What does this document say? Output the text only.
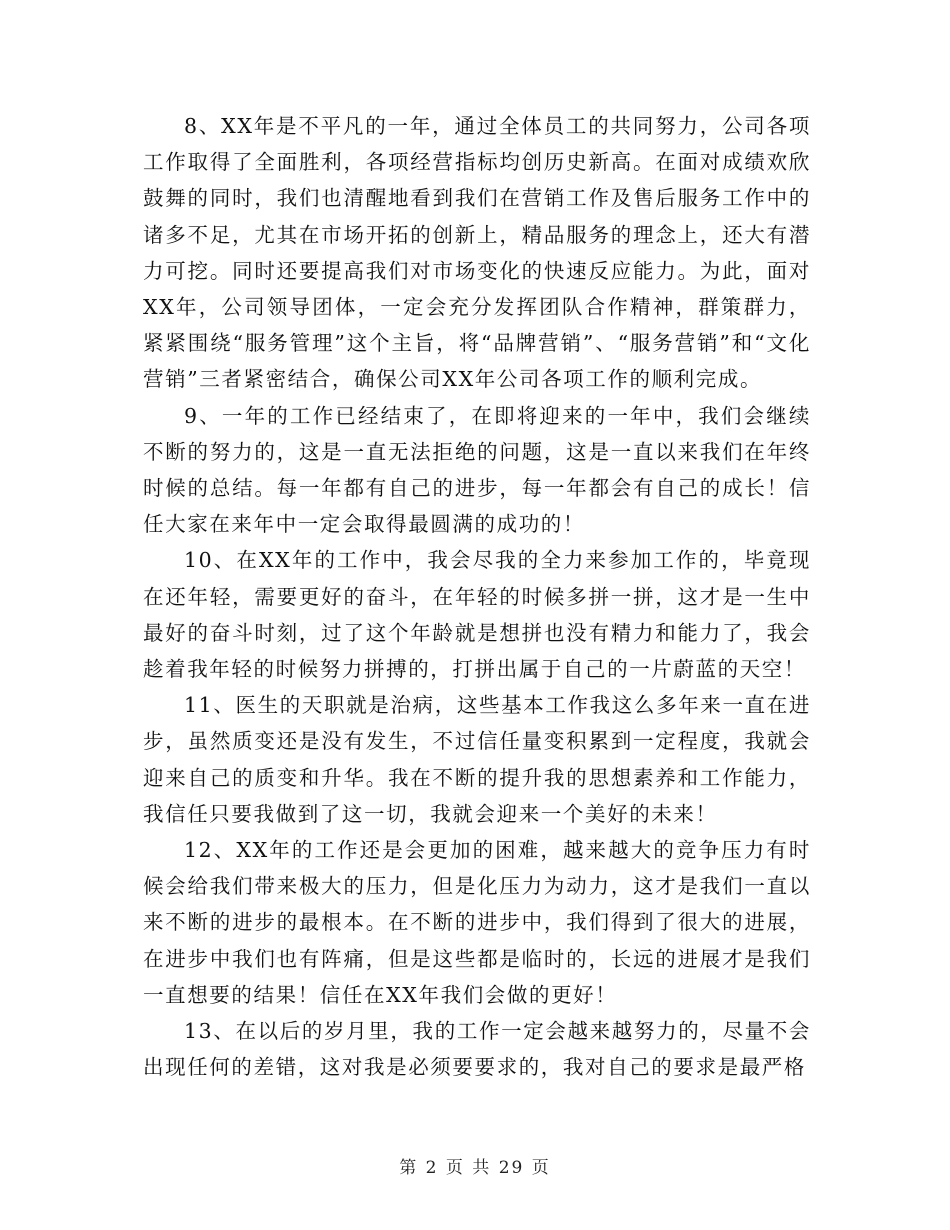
8、XX年是不平凡的一年，通过全体员工的共同努力，公司各项工作取得了全面胜利，各项经营指标均创历史新高。在面对成绩欢欣鼓舞的同时，我们也清醒地看到我们在营销工作及售后服务工作中的诸多不足，尤其在市场开拓的创新上，精品服务的理念上，还大有潜力可挖。同时还要提高我们对市场变化的快速反应能力。为此，面对XX年，公司领导团体，一定会充分发挥团队合作精神，群策群力，紧紧围绕“服务管理”这个主旨，将“品牌营销”、“服务营销”和“文化营销”三者紧密结合，确保公司XX年公司各项工作的顺利完成。

9、一年的工作已经结束了，在即将迎来的一年中，我们会继续不断的努力的，这是一直无法拒绝的问题，这是一直以来我们在年终时候的总结。每一年都有自己的进步，每一年都会有自己的成长！信任大家在来年中一定会取得最圆满的成功的！

10、在XX年的工作中，我会尽我的全力来参加工作的，毕竟现在还年轻，需要更好的奋斗，在年轻的时候多拼一拼，这才是一生中最好的奋斗时刻，过了这个年龄就是想拼也没有精力和能力了，我会趁着我年轻的时候努力拼搏的，打拼出属于自己的一片蔚蓝的天空！

11、医生的天职就是治病，这些基本工作我这么多年来一直在进步，虽然质变还是没有发生，不过信任量变积累到一定程度，我就会迎来自己的质变和升华。我在不断的提升我的思想素养和工作能力，我信任只要我做到了这一切，我就会迎来一个美好的未来！

12、XX年的工作还是会更加的困难，越来越大的竞争压力有时候会给我们带来极大的压力，但是化压力为动力，这才是我们一直以来不断的进步的最根本。在不断的进步中，我们得到了很大的进展，在进步中我们也有阵痛，但是这些都是临时的，长远的进展才是我们一直想要的结果！信任在XX年我们会做的更好！

13、在以后的岁月里，我的工作一定会越来越努力的，尽量不会出现任何的差错，这对我是必须要要求的，我对自己的要求是最严格

第 2 页 共 29 页
